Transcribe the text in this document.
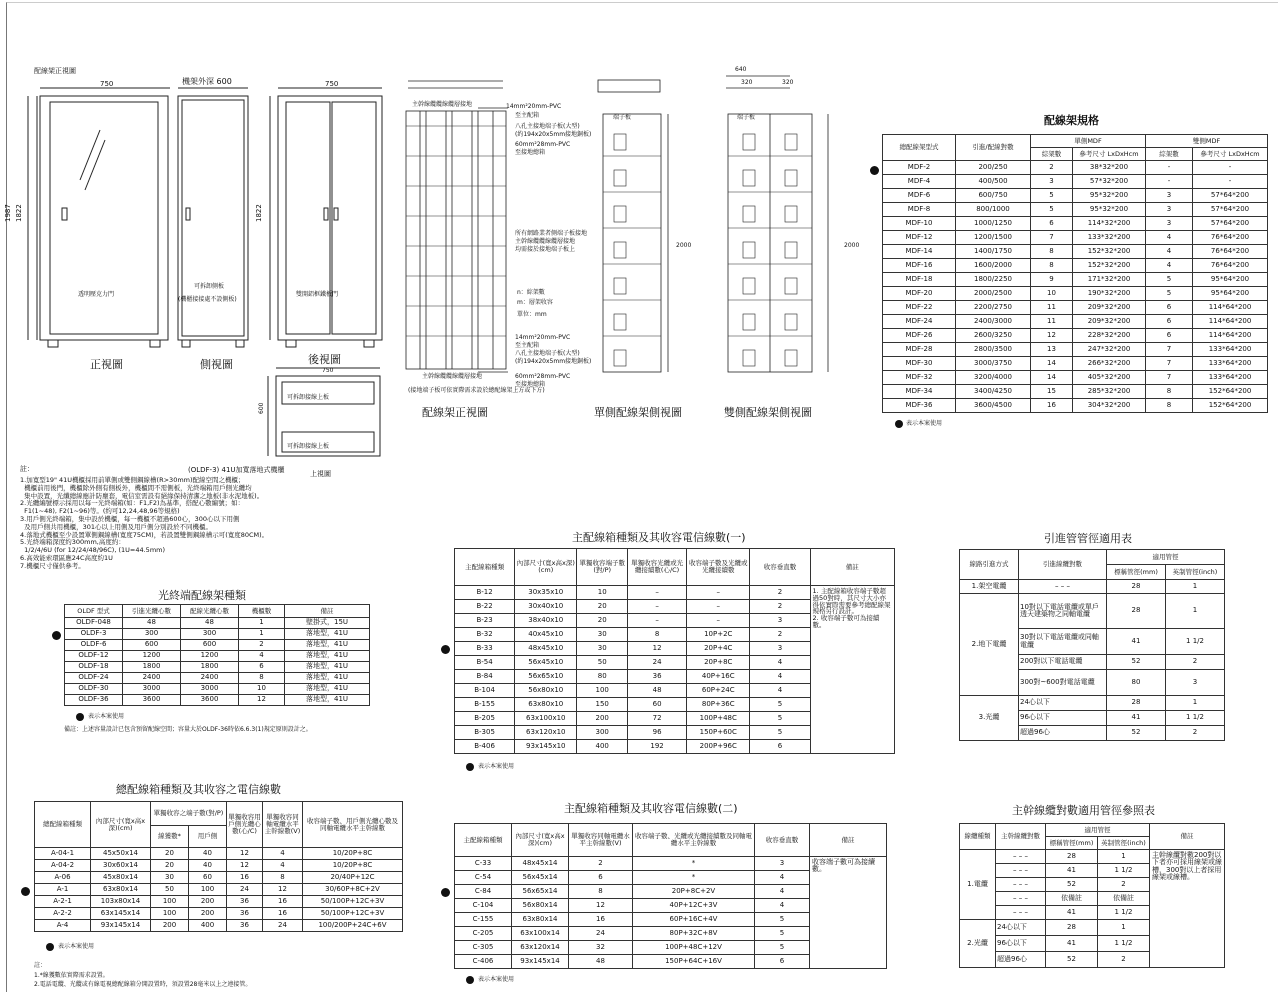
配線架正視圖
750	機架外深 600	750
1987 1822	1822
透明壓克力門
可拆卸側板
(機櫃接接處不設側板)
雙開鋁框鐵板門
正視圖	側視圖	後視圖
750
600
可拆卸接線上板
可拆卸接線上板
上視圖
640
320	320
端子板	端子板
2000	2000
主幹線纜纜線纜層接地	14mm²20mm-PVC
至主配箱
八孔主接地端子板(大型)
(約194x20x5mm接地銅板)
60mm²28mm-PVC
至接地總箱
所有網路業者側端子板接地
主幹線纜纜線纜層接地
均需接於接地端子板上
n：綜架數
m：層架收容
單位：mm
14mm²20mm-PVC
至主配箱
八孔主接地端子板(大型)
(約194x20x5mm接地銅板)
主幹線纜纜線纜層接地	60mm²28mm-PVC
至接地總箱
(接地端子板可依實際需求設於總配線架上方或下方)
配線架正視圖	單側配線架側視圖	雙側配線架側視圖
配線架規格
總配線架型式	引進/配線對數	單側MDF		雙側MDF	
		綜架數	參考尺寸 LxDxHcm	綜架數	參考尺寸 LxDxHcm
MDF-2	200/250	2	38*32*200	-	-
MDF-4	400/500	3	57*32*200	-	-
MDF-6	600/750	5	95*32*200	3	57*64*200
MDF-8	800/1000	5	95*32*200	3	57*64*200
MDF-10	1000/1250	6	114*32*200	3	57*64*200
MDF-12	1200/1500	7	133*32*200	4	76*64*200
MDF-14	1400/1750	8	152*32*200	4	76*64*200
MDF-16	1600/2000	8	152*32*200	4	76*64*200
MDF-18	1800/2250	9	171*32*200	5	95*64*200
MDF-20	2000/2500	10	190*32*200	5	95*64*200
MDF-22	2200/2750	11	209*32*200	6	114*64*200
MDF-24	2400/3000	11	209*32*200	6	114*64*200
MDF-26	2600/3250	12	228*32*200	6	114*64*200
MDF-28	2800/3500	13	247*32*200	7	133*64*200
MDF-30	3000/3750	14	266*32*200	7	133*64*200
MDF-32	3200/4000	14	405*32*200	7	133*64*200
MDF-34	3400/4250	15	285*32*200	8	152*64*200
MDF-36	3600/4500	16	304*32*200	8	152*64*200
表示本案使用
(OLDF-3) 41U加寬落地式機櫃
註：
1.加寬型19" 41U機櫃採用前單側或雙側鋼線槽(R>30mm)配線空間之機櫃；
機櫃前用後門，機櫃除外側有側板外，機櫃間不需側板，光終端箱用戶側光纜均
集中設置，光纖總線應計防塵套，電信室需設有絕緣保持清潔之地板(非水泥地板)。
2.光纜編號標示採用以每一光終端箱(如：F1,F2)為基準，搭配心數編號；如：
F1(1~48), F2(1~96)等。(約可12,24,48,96等規格)
3.用戶側光終端箱，集中設於機櫃，每一機櫃不超過600心，300心以下用側
及用戶側共用機櫃，301心以上用側及用戶側分別設於不同機櫃。
4.落地式機櫃至少設置單側鋼線槽(寬度75CM)，若設置雙側鋼線槽示可(寬度80CM)。
5.光終端箱深度約300mm,高度約：
1/2/4/6U (for 12/24/48/96C), (1U=44.5mm)
6.高效能索環區應24C高度約1U
7.機櫃尺寸僅供參考。
光終端配線架種類
OLDF 型式	引進光纜心數	配線光纜心數	機櫃數	備註
OLDF-048	48	48	1	壁掛式，15U
OLDF-3	300	300	1	落地型，41U
OLDF-6	600	600	2	落地型，41U
OLDF-12	1200	1200	4	落地型，41U
OLDF-18	1800	1800	6	落地型，41U
OLDF-24	2400	2400	8	落地型，41U
OLDF-30	3000	3000	10	落地型，41U
OLDF-36	3600	3600	12	落地型，41U
表示本案使用
備註：上述容量設計已包含預留配線空間；容量大於OLDF-36時依6.6.3(1)規定原則設計之。
主配線箱種類及其收容電信線數(一)
主配線箱種類	內部尺寸(寬x高x深)(cm)	單獨收容端子數(對/P)	單獨收容光纜或光纜接續數(心/C)	收容端子數及光纜或光纜接續數	收容垂直數	備註
B-12	30x35x10	10	–	–	2	1. 主配線箱收容端子數超過50對時，其尺寸大小亦得依實際需要參考總配線架規格另行設計。
2. 收容端子數可為接續數。
B-22	30x40x10	20	–	–	2	
B-23	38x40x10	20	–	–	3	
B-32	40x45x10	30	8	10P+2C	2	
B-33	48x45x10	30	12	20P+4C	3	
B-54	56x45x10	50	24	20P+8C	4	
B-84	56x65x10	80	36	40P+16C	4	
B-104	56x80x10	100	48	60P+24C	4	
B-155	63x80x10	150	60	80P+36C	5	
B-205	63x100x10	200	72	100P+48C	5	
B-305	63x120x10	300	96	150P+60C	5	
B-406	93x145x10	400	192	200P+96C	6	
表示本案使用
主配線箱種類及其收容電信線數(二)
主配線箱種類	內部尺寸(寬x高x深)(cm)	單獨收容同軸電纜水平主幹線數(V)	收容端子數、光纜或光纜接續數及同軸電纜水平主幹線數	收容垂直數	備註
C-33	48x45x14	2	*	3	收容端子數可為接續數。
C-54	56x45x14	6	*	4	
C-84	56x65x14	8	20P+8C+2V	4	
C-104	56x80x14	12	40P+12C+3V	4	
C-155	63x80x14	16	60P+16C+4V	5	
C-205	63x100x14	24	80P+32C+8V	5	
C-305	63x120x14	32	100P+48C+12V	5	
C-406	93x145x14	48	150P+64C+16V	6	
表示本案使用
總配線箱種類及其收容之電信線數
總配線箱種類	內部尺寸(寬x高x深)(cm)	單獨收容之端子數(對/P)		單獨收容用戶側光纜心數(心/C)	單獨收容同軸電纜水平主幹線數(V)	收容端子數、用戶側光纜心數及同軸電纜水平主幹線數
		線獲數*	用戶側			
A-04-1	45x50x14	20	40	12	4	10/20P+8C
A-04-2	30x60x14	20	40	12	4	10/20P+8C
A-06	45x80x14	30	60	16	8	20/40P+12C
A-1	63x80x14	50	100	24	12	30/60P+8C+2V
A-2-1	103x80x14	100	200	36	16	50/100P+12C+3V
A-2-2	63x145x14	100	200	36	16	50/100P+12C+3V
A-4	93x145x14	200	400	36	24	100/200P+24C+6V
表示本案使用
註：
1.*線獲數依實際需求設置。
2.電話電纜、光纜或有線電視總配線箱分開設置時，須設置28毫米以上之連接管。
引進管管徑適用表
線路引進方式	引進線纜對數	適用管徑	
		標稱管徑(mm)	英制管徑(inch)
1.架空電纜	– – –	28	1
2.地下電纜	10對以下電話電纜或單戶透天建築物之同軸電纜	28	1
	30對以下電話電纜或同軸電纜	41	1 1/2
	200對以下電話電纜	52	2
	300對~600對電話電纜	80	3
3.光纜	24心以下	28	1
	96心以下	41	1 1/2
	超過96心	52	2
主幹線纜對數適用管徑參照表
線纜種類	主幹線纜對數	適用管徑		備註
		標稱管徑(mm)	英制管徑(inch)	
1.電纜	– – –	28	1	主幹線纜對數200對以下者亦可採用線架或線槽，300對以上者採用線架或線槽。
	– – –	41	1 1/2	
	– – –	52	2	
	– – –	依備註	依備註	
	– – –	41	1 1/2	
2.光纜	24心以下	28	1	
	96心以下	41	1 1/2	
	超過96心	52	2	
